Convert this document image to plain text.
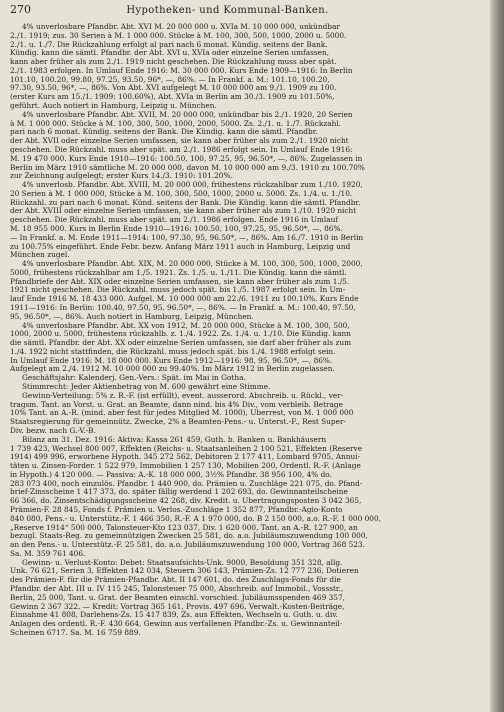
270	Hypotheken- und Kommunal-Banken.
4% unverlosbare Pfandbr. Abt. XVI M. 20 000 000 u. XVIa M. 10 000 000, unkündbar
2./1. 1919; zus. 30 Serien à M. 1 000 000. Stücke à M. 100, 300, 500, 1000, 2000 u. 5000.
2./1. u. 1./7. Die Rückzahlung erfolgt al pari nach 6 monat. Kündig. seitens der Bank.
Kündig. kann die sämtl. Pfandbr. der Abt. XVI u. XVIa oder einzelne Serien umfassen,
kann aber früher als zum 2./1. 1919 nicht geschehen. Die Rückzahlung muss aber spät.
2./1. 1983 erfolgen. In Umlauf Ende 1916: M. 30 000 000. Kurs Ende 1909—1916: In Berlin
101.10, 100.20, 99.80, 97.25, 93.50, 96*, —, 86%. — In Frankf. a. M.: 101.10, 100.20,
97.30, 93.50, 96*, —, 86%. Von Abt. XVI aufgelegt M. 10 000 000 am 9./1. 1909 zu 100.
(erster Kurs am 15./1. 1909: 100.60%), Abt. XVIa in Berlin am 30./3. 1909 zu 101.50%,
geführt. Auch notiert in Hamburg, Leipzig u. München.
4% unverlosbare Pfandbr. Abt. XVII, M. 20 000 000, unkündbar bis 2./1. 1920, 20 Serien
à M. 1 000 000. Stücke à M. 100, 300, 500, 1000, 2000, 5000. Zs. 2./1. u. 1./7. Rückzahl.
pari nach 6 monat. Kündig. seitens der Bank. Die Kündig. kann die sämtl. Pfandbr.
der Abt. XVII oder einzelne Serien umfassen, sie kann aber früher als zum 2./1. 1920 nicht
geschehen. Die Rückzahl. muss aber spät. am 2./1. 1986 erfolgt sein. In Umlauf Ende 1916:
M. 19 470 000. Kurs Ende 1910—1916: 100.50, 100, 97.25, 95, 96.50*, —, 86%. Zugelassen in
Berlin im März 1910 sämtliche M. 20 000 000, davon M. 10 000 000 am 9./3. 1910 zu 100.70%
zur Zeichnung aufgelegt; erster Kurs 14./3. 1910: 101.20%.
4% unverlosb. Pfandbr. Abt. XVIII, M. 20 000 000, frühestens rückzahlbar zum 1./10. 1920,
20 Serien à M. 1 000 000, Stücke à M. 100, 300, 500, 1000, 2000 u. 5000. Zs. 1./4. u. 1./10.
Rückzahl. zu pari nach 6 monat. Künd. seitens der Bank. Die Kündig. kann die sämtl. Pfandbr.
der Abt. XVIII oder einzelne Serien umfassen, sie kann aber früher als zum 1./10. 1920 nicht
geschehen. Die Rückzahl. muss aber spät. am 2./1. 1986 erfolgen. Ende 1916 in Umlauf
M. 18 955 000. Kurs in Berlin Ende 1910—1916: 100.50, 100, 97.25, 95, 96.50*, —, 86%.
— In Frankf. a. M. Ende 1911—1914: 100, 97.30, 95, 96.50*, —, 86%. Am 16./7. 1910 in Berlin
zu 100.75% eingeführt. Ende Febr. bezw. Anfang März 1911 auch in Hamburg, Leipzig und
München zugel.
4% unverlosbare Pfandbr. Abt. XIX, M. 20 000 000, Stücke à M. 100, 300, 500, 1000, 2000,
5000, frühestens rückzahlbar am 1./5. 1921. Zs. 1./5. u. 1./11. Die Kündig. kann die sämtl.
Pfandbriefe der Abt. XIX oder einzelne Serien umfassen, sie kann aber früher als zum 1./5.
1921 nicht geschehen. Die Rückzahl. muss jedoch spät. bis 1./5. 1987 erfolgt sein. In Um-
lauf Ende 1916 M. 18 433 000. Aufgel. M. 10 000 000 am 22./6. 1911 zu 100.10%. Kurs Ende
1911—1916: In Berlin: 100.40, 97.50, 95, 96.50*, —, 86%. — In Frankf. a. M.: 100.40, 97.50,
95, 96.50*, —, 86%. Auch notiert in Hamburg, Leipzig, München.
4% unverlosbare Pfandbr. Abt. XX von 1912, M. 20 000 000, Stücke à M. 100, 300, 500,
1000, 2000 u. 5000, frühestens rückzahlb. z. 1./4. 1922. Zs. 1./4. u. 1./10. Die Kündig. kann
die sämtl. Pfandbr. der Abt. XX oder einzelne Serien umfassen, sie darf aber früher als zum
1./4. 1922 nicht stattfinden, die Rückzahl. muss jedoch spät. bis 1./4. 1988 erfolgt sein.
In Umlauf Ende 1916: M. 18 000 000. Kurs Ende 1912—1916: 98, 95, 96.50*, —, 86%.
Aufgelegt am 2./4. 1912 M. 10 000 000 zu 99.40%. Im März 1912 in Berlin zugelassen.
Geschäftsjahr: Kalenderj. Gen.-Vers.: Spät. im Mai in Gotha.
Stimmrecht: Jeder Aktienbetrag von M. 600 gewährt eine Stimme.
Gewinn-Verteilung: 5% z. R.-F. (ist erfüllt), event. ausserord. Abschreib. u. Rückl., ver-
tragsm. Tant. an Vorst. u. Grat. an Beamte, dann nind. bis 4% Div., vom verbleib. Betrage
10% Tant. an A.-R. (mind. aber fest für jedes Mitglied M. 1000), Überrest, von M. 1 000 000
Staatsregierung für gemeinnütz. Zwecke, 2% a Beamten-Pens.- u. Unterst.-F., Rest Super-
Div. bezw. nach G.-V.-B.
Bilanz am 31. Dez. 1916: Aktiva: Kassa 261 459, Guth. b. Banken u. Bankhäusern
1 739 423, Wechsel 800 007, Effekten (Reichs- u. Staatsanleihen 2 100 521, Effekten (Reserve
1914) 499 996, erworbene Hypoth. 345 272 562, Debitoren 2 177 411, Lombard 9705, Annui-
täten u. Zinsen-Forder. 1 522 979, Immobilien 1 257 130, Mobilien 200, Ordentl. R.-F. (Anlage
in Hypoth.) 4 120 000. — Passiva: A.-K. 18 000 000, 3½% Pfandbr. 38 956 100, 4% do.
283 073 400, noch einzulös. Pfandbr. 1 440 900, do. Prämien u. Zuschläge 221 075, do. Pfand-
brief-Zinsscheine 1 417 373, do. später fällig werdend 1 202 693, do. Gewinnanteilscheine
66 366, do. Zinsentschädigungsscheine 42 268, div. Kredit. u. Übertragungsposten 3 042 365,
Prämien-F. 28 845, Fonds f. Prämien u. Verlos.-Zuschläge 1 352 877, Pfandbr.-Agio-Konto
840 080, Pens.- u. Unterstütz.-F. 1 466 350, R.-F. A 1 970 000, do. B 2 150 000, a.o. R.-F. 1 000 000,
„Reserve 1914“ 500 000, Talonsteuer-Kto 123 037, Div. 1 620 000, Tant. an A.-R. 127 900, an
bezugl. Staats-Reg. zu gemeinnützigen Zwecken 25 581, do. a.o. Jubiläumszuwendung 100 000,
an den Pens.- u. Unterstütz.-F. 25 581, do. a.o. Jubiläumszuwendung 100 000, Vortrag 368 523.
Sa. M. 359 761 406.
Gewinn- u. Verlust-Konto: Debet: Staatsaufsichts-Unk. 9000, Besoldung 351 328, allg.
Unk. 76 621, Serien 3, Effekten 142 034, Steuern 306 143, Prämien-Zs. 12 777 236, Dotieren
des Prämien-F. für die Prämien-Pfandbr. Abt. II 147 601, do. des Zuschlags-Fonds für die
Pfandbr. der Abt. III u. IV 115 245, Talonsteuer 75 000, Abschreib. auf Immobil., Vossstr.,
Berlin, 25 000, Tant. u. Grat. der Beamten einschl. vorschied. Jubiläumsspenden 469 357,
Gewinn 2 367 322. — Kredit: Vortrag 365 161, Provis. 497 696, Verwalt.-Kosten-Beiträge,
Einnahme 41 808, Darlehens-Zs. 15 417 839, Zs. aus Effekten, Wechseln u. Guth. u. div.
Anlagen des ordentl. R.-F. 430 664, Gewinn aus verfallenen Pfandbr.-Zs. u. Gewinnanteil-
Scheinen 6717. Sa. M. 16 759 889.
